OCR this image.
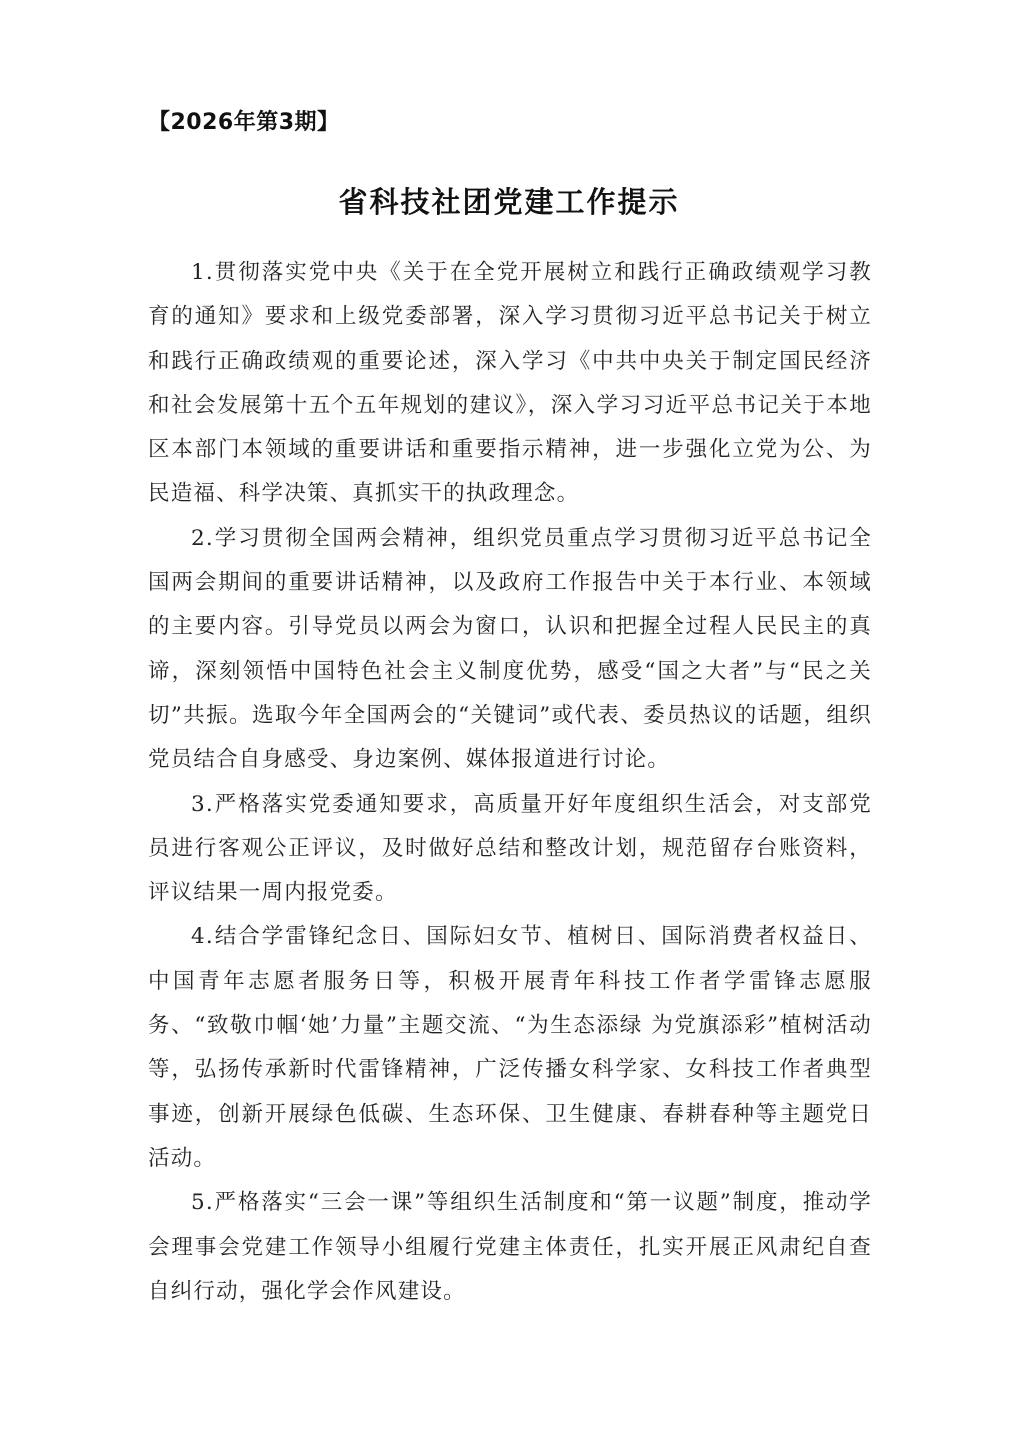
【2026年第3期】
省科技社团党建工作提示

1.贯彻落实党中央《关于在全党开展树立和践行正确政绩观学习教育的通知》要求和上级党委部署，深入学习贯彻习近平总书记关于树立和践行正确政绩观的重要论述，深入学习《中共中央关于制定国民经济和社会发展第十五个五年规划的建议》，深入学习习近平总书记关于本地区本部门本领域的重要讲话和重要指示精神，进一步强化立党为公、为民造福、科学决策、真抓实干的执政理念。

2.学习贯彻全国两会精神，组织党员重点学习贯彻习近平总书记全国两会期间的重要讲话精神，以及政府工作报告中关于本行业、本领域的主要内容。引导党员以两会为窗口，认识和把握全过程人民民主的真谛，深刻领悟中国特色社会主义制度优势，感受“国之大者”与“民之关切”共振。选取今年全国两会的“关键词”或代表、委员热议的话题，组织党员结合自身感受、身边案例、媒体报道进行讨论。

3.严格落实党委通知要求，高质量开好年度组织生活会，对支部党员进行客观公正评议，及时做好总结和整改计划，规范留存台账资料，评议结果一周内报党委。

4.结合学雷锋纪念日、国际妇女节、植树日、国际消费者权益日、中国青年志愿者服务日等，积极开展青年科技工作者学雷锋志愿服务、“致敬巾帼‘她’力量”主题交流、“为生态添绿 为党旗添彩”植树活动等，弘扬传承新时代雷锋精神，广泛传播女科学家、女科技工作者典型事迹，创新开展绿色低碳、生态环保、卫生健康、春耕春种等主题党日活动。

5.严格落实“三会一课”等组织生活制度和“第一议题”制度，推动学会理事会党建工作领导小组履行党建主体责任，扎实开展正风肃纪自查自纠行动，强化学会作风建设。
